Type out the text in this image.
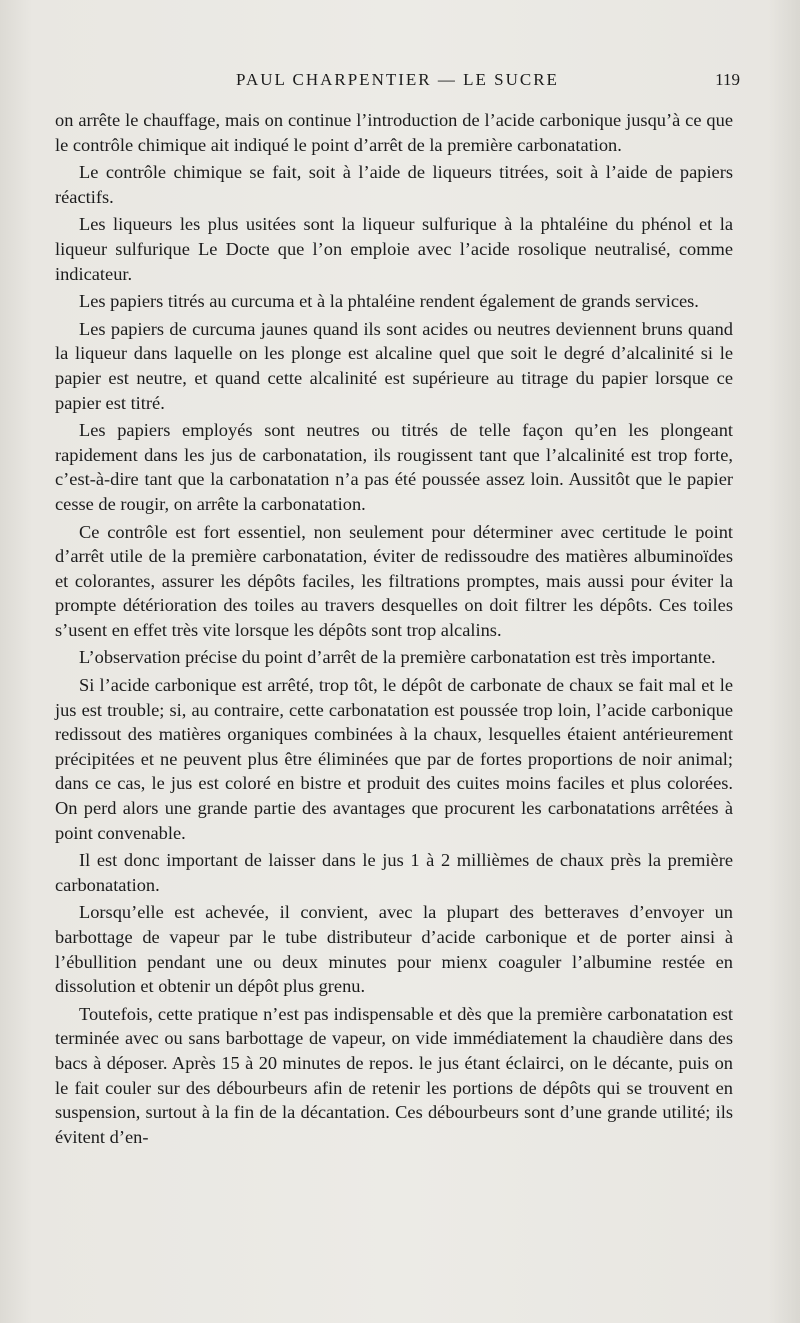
PAUL CHARPENTIER — LE SUCRE	119

on arrête le chauffage, mais on continue l’introduction de l’acide carbonique jusqu’à ce que le contrôle chimique ait indiqué le point d’arrêt de la première carbonatation.

Le contrôle chimique se fait, soit à l’aide de liqueurs titrées, soit à l’aide de papiers réactifs.

Les liqueurs les plus usitées sont la liqueur sulfurique à la phtaléine du phénol et la liqueur sulfurique Le Docte que l’on emploie avec l’acide rosolique neutralisé, comme indicateur.

Les papiers titrés au curcuma et à la phtaléine rendent également de grands services.

Les papiers de curcuma jaunes quand ils sont acides ou neutres deviennent bruns quand la liqueur dans laquelle on les plonge est alcaline quel que soit le degré d’alcalinité si le papier est neutre, et quand cette alcalinité est supérieure au titrage du papier lorsque ce papier est titré.

Les papiers employés sont neutres ou titrés de telle façon qu’en les plongeant rapidement dans les jus de carbonatation, ils rougissent tant que l’alcalinité est trop forte, c’est-à-dire tant que la carbonatation n’a pas été poussée assez loin. Aussitôt que le papier cesse de rougir, on arrête la carbonatation.

Ce contrôle est fort essentiel, non seulement pour déterminer avec certitude le point d’arrêt utile de la première carbonatation, éviter de redissoudre des matières albuminoïdes et colorantes, assurer les dépôts faciles, les filtrations promptes, mais aussi pour éviter la prompte détérioration des toiles au travers desquelles on doit filtrer les dépôts. Ces toiles s’usent en effet très vite lorsque les dépôts sont trop alcalins.

L’observation précise du point d’arrêt de la première carbonatation est très importante.

Si l’acide carbonique est arrêté, trop tôt, le dépôt de carbonate de chaux se fait mal et le jus est trouble; si, au contraire, cette carbonatation est poussée trop loin, l’acide carbonique redissout des matières organiques combinées à la chaux, lesquelles étaient antérieurement précipitées et ne peuvent plus être éliminées que par de fortes proportions de noir animal; dans ce cas, le jus est coloré en bistre et produit des cuites moins faciles et plus colorées. On perd alors une grande partie des avantages que procurent les carbonatations arrêtées à point convenable.

Il est donc important de laisser dans le jus 1 à 2 millièmes de chaux près la première carbonatation.

Lorsqu’elle est achevée, il convient, avec la plupart des betteraves d’envoyer un barbottage de vapeur par le tube distributeur d’acide carbonique et de porter ainsi à l’ébullition pendant une ou deux minutes pour mienx coaguler l’albumine restée en dissolution et obtenir un dépôt plus grenu.

Toutefois, cette pratique n’est pas indispensable et dès que la première carbonatation est terminée avec ou sans barbottage de vapeur, on vide immédiatement la chaudière dans des bacs à déposer. Après 15 à 20 minutes de repos. le jus étant éclairci, on le décante, puis on le fait couler sur des débourbeurs afin de retenir les portions de dépôts qui se trouvent en suspension, surtout à la fin de la décantation. Ces débourbeurs sont d’une grande utilité; ils évitent d’en-
